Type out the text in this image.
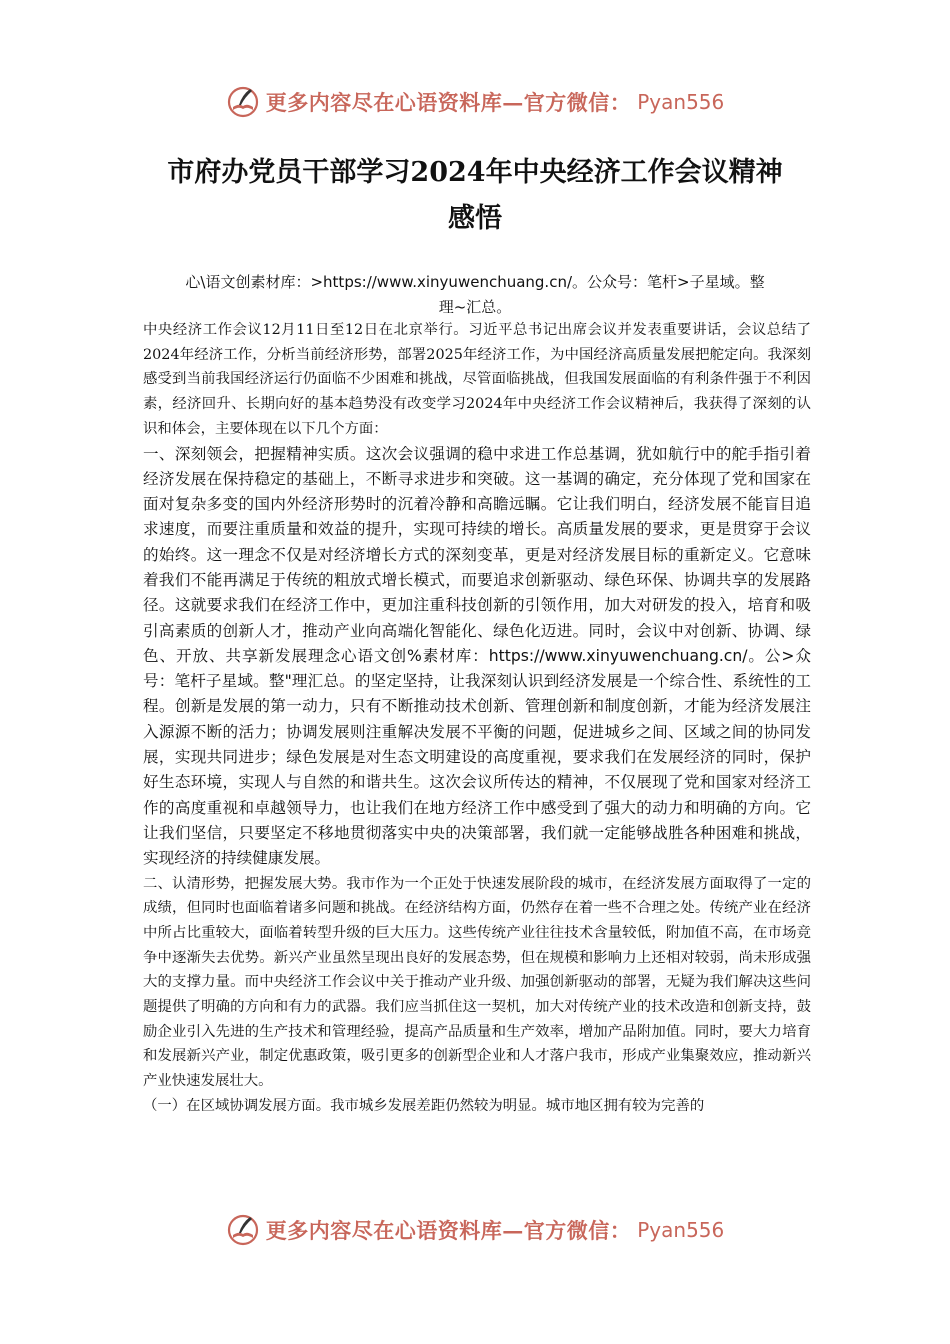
更多内容尽在心语资料库—官方微信： Pyan556
市府办党员干部学习2024年中央经济工作会议精神
感悟
心\语文创素材库：>https://www.xinyuwenchuang.cn/。公众号：笔杆>子星域。整
理~汇总。

中央经济工作会议12月11日至12日在北京举行。习近平总书记出席会议并发表重要讲话，会议总结了2024年经济工作，分析当前经济形势，部署2025年经济工作，为中国经济高质量发展把舵定向。我深刻感受到当前我国经济运行仍面临不少困难和挑战，尽管面临挑战，但我国发展面临的有利条件强于不利因素，经济回升、长期向好的基本趋势没有改变学习2024年中央经济工作会议精神后，我获得了深刻的认识和体会，主要体现在以下几个方面：

一、深刻领会，把握精神实质。这次会议强调的稳中求进工作总基调，犹如航行中的舵手指引着经济发展在保持稳定的基础上，不断寻求进步和突破。这一基调的确定，充分体现了党和国家在面对复杂多变的国内外经济形势时的沉着冷静和高瞻远瞩。它让我们明白，经济发展不能盲目追求速度，而要注重质量和效益的提升，实现可持续的增长。高质量发展的要求，更是贯穿于会议的始终。这一理念不仅是对经济增长方式的深刻变革，更是对经济发展目标的重新定义。它意味着我们不能再满足于传统的粗放式增长模式，而要追求创新驱动、绿色环保、协调共享的发展路径。这就要求我们在经济工作中，更加注重科技创新的引领作用，加大对研发的投入，培育和吸引高素质的创新人才，推动产业向高端化智能化、绿色化迈进。同时，会议中对创新、协调、绿色、开放、共享新发展理念心语文创%素材库：https://www.xinyuwenchuang.cn/。公>众号：笔杆子星域。整"理汇总。的坚定坚持，让我深刻认识到经济发展是一个综合性、系统性的工程。创新是发展的第一动力，只有不断推动技术创新、管理创新和制度创新，才能为经济发展注入源源不断的活力；协调发展则注重解决发展不平衡的问题，促进城乡之间、区域之间的协同发展，实现共同进步；绿色发展是对生态文明建设的高度重视，要求我们在发展经济的同时，保护好生态环境，实现人与自然的和谐共生。这次会议所传达的精神，不仅展现了党和国家对经济工作的高度重视和卓越领导力，也让我们在地方经济工作中感受到了强大的动力和明确的方向。它让我们坚信，只要坚定不移地贯彻落实中央的决策部署，我们就一定能够战胜各种困难和挑战，实现经济的持续健康发展。

二、认清形势，把握发展大势。我市作为一个正处于快速发展阶段的城市，在经济发展方面取得了一定的成绩，但同时也面临着诸多问题和挑战。在经济结构方面，仍然存在着一些不合理之处。传统产业在经济中所占比重较大，面临着转型升级的巨大压力。这些传统产业往往技术含量较低，附加值不高，在市场竞争中逐渐失去优势。新兴产业虽然呈现出良好的发展态势，但在规模和影响力上还相对较弱，尚未形成强大的支撑力量。而中央经济工作会议中关于推动产业升级、加强创新驱动的部署，无疑为我们解决这些问题提供了明确的方向和有力的武器。我们应当抓住这一契机，加大对传统产业的技术改造和创新支持，鼓励企业引入先进的生产技术和管理经验，提高产品质量和生产效率，增加产品附加值。同时，要大力培育和发展新兴产业，制定优惠政策，吸引更多的创新型企业和人才落户我市，形成产业集聚效应，推动新兴产业快速发展壮大。

（一）在区域协调发展方面。我市城乡发展差距仍然较为明显。城市地区拥有较为完善的

更多内容尽在心语资料库—官方微信： Pyan556
